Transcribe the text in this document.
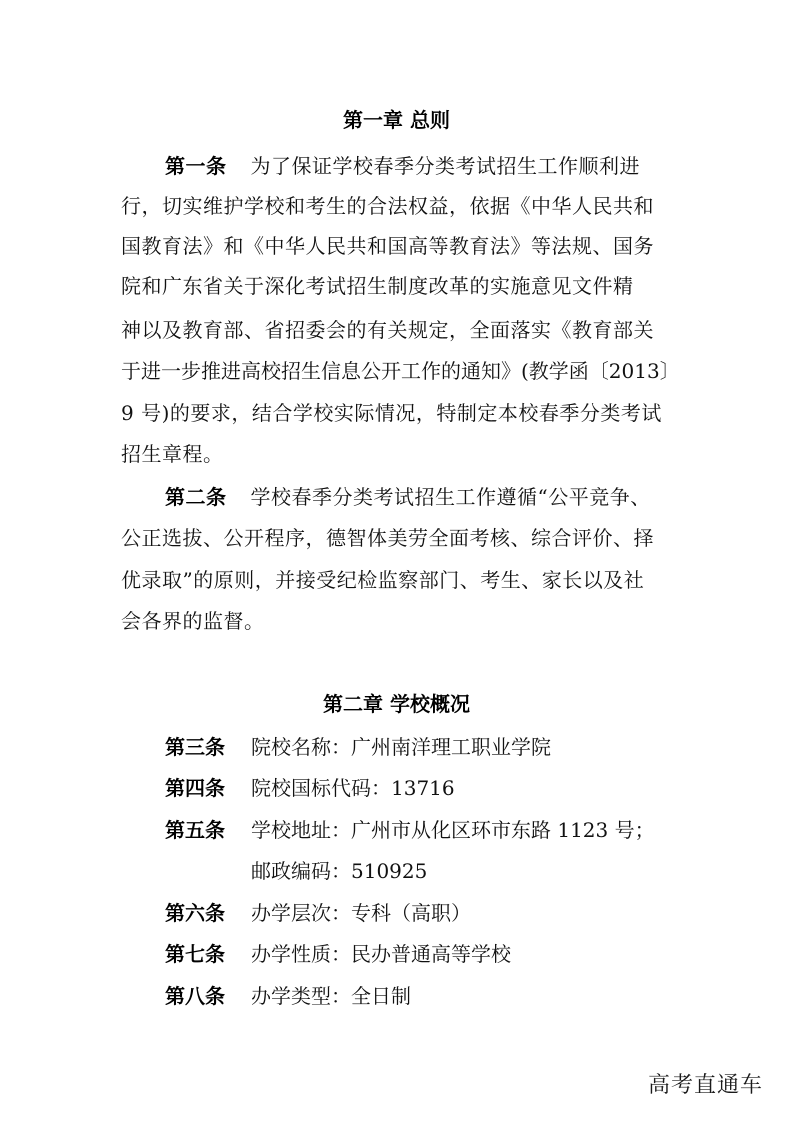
第一章 总则
第一条 为了保证学校春季分类考试招生工作顺利进
行，切实维护学校和考生的合法权益，依据《中华人民共和
国教育法》和《中华人民共和国高等教育法》等法规、国务
院和广东省关于深化考试招生制度改革的实施意见文件精
神以及教育部、省招委会的有关规定，全面落实《教育部关
于进一步推进高校招生信息公开工作的通知》(教学函〔2013〕
9 号)的要求，结合学校实际情况，特制定本校春季分类考试
招生章程。
第二条 学校春季分类考试招生工作遵循“公平竞争、
公正选拔、公开程序，德智体美劳全面考核、综合评价、择
优录取”的原则，并接受纪检监察部门、考生、家长以及社
会各界的监督。
第二章 学校概况
第三条 院校名称：广州南洋理工职业学院
第四条 院校国标代码：13716
第五条 学校地址：广州市从化区环市东路 1123 号；
邮政编码：510925
第六条 办学层次：专科（高职）
第七条 办学性质：民办普通高等学校
第八条 办学类型：全日制
高考直通车
